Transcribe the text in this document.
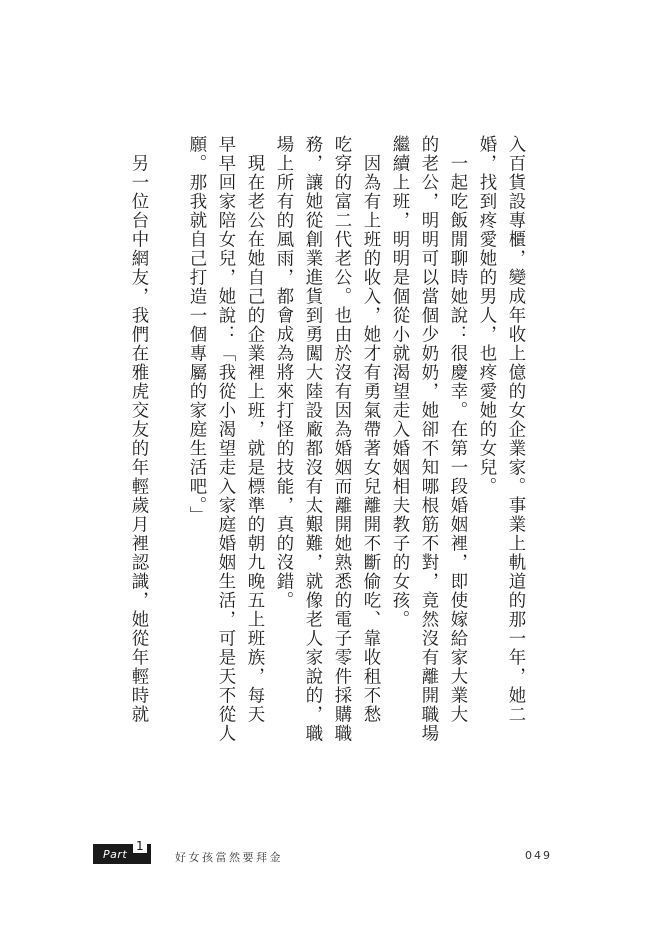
入百貨設專櫃，變成年收上億的女企業家。事業上軌道的那一年，她二

婚，找到疼愛她的男人，也疼愛她的女兒。

　一起吃飯閒聊時她說：很慶幸。在第一段婚姻裡，即使嫁給家大業大

的老公，明明可以當個少奶奶，她卻不知哪根筋不對，竟然沒有離開職場

繼續上班，明明是個從小就渴望走入婚姻相夫教子的女孩。

　因為有上班的收入，她才有勇氣帶著女兒離開不斷偷吃、靠收租不愁

吃穿的富二代老公。也由於沒有因為婚姻而離開她熟悉的電子零件採購職

務，讓她從創業進貨到勇闖大陸設廠都沒有太艱難，就像老人家說的，職

場上所有的風雨，都會成為將來打怪的技能，真的沒錯。

　現在老公在她自己的企業裡上班，就是標準的朝九晚五上班族，每天

早早回家陪女兒，她說：「我從小渴望走入家庭婚姻生活，可是天不從人

願。那我就自己打造一個專屬的家庭生活吧。」

　另一位台中網友，我們在雅虎交友的年輕歲月裡認識，她從年輕時就

Part
1
好女孩當然要拜金	049
